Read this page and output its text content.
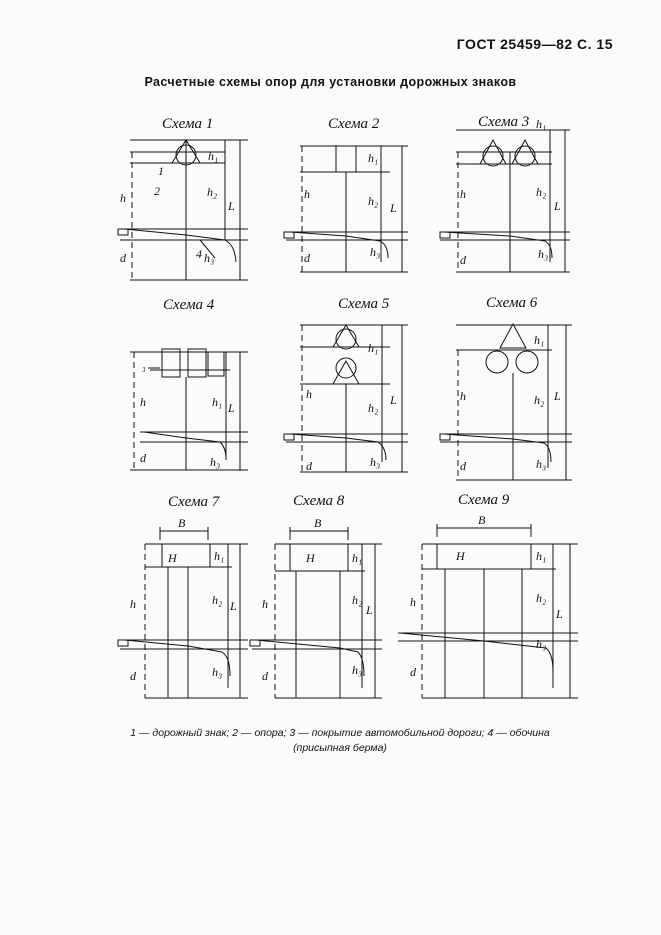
ГОСТ 25459—82 С. 15
Расчетные схемы опор для установки дорожных знаков
Схема 1	Схема 2	Схема 3
Схема 4	Схема 5	Схема 6
Схема 7	Схема 8	Схема 9
h₁
h	h₂
L
h₃
d
1
2
4
h₁
h	h₂ L
h₃
d
h₁
h	h₂
L
h₃
d
3
h	h₁ L
h₃
d
h₁
h
h₂
L
h₃
d
h₁
h	h₂ L
h₃
d
B
H	h₁
h	h₂ L
h₃
d
B
H	h₁
h	h₂
L
h₃
d
B
H	h₁
h	h₂
L
h₃
d
1 — дорожный знак; 2 — опора; 3 — покрытие автомобильной дороги; 4 — обочина
(присыпная берма)
